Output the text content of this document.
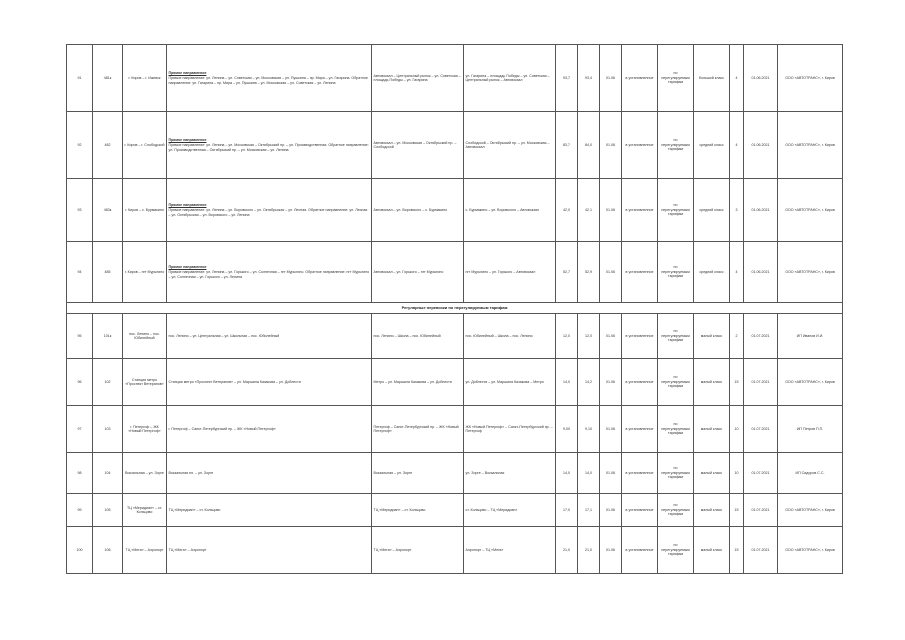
91	481к	г. Киров – г. Ижевск	Прямое направление
Прямое направление: ул. Ленина – ул. Советская – ул. Московская – ул. Пушкина – пр. Мира – ул. Гагарина. Обратное направление: ул. Гагарина – пр. Мира – ул. Пушкина – ул. Московская – ул. Советская – ул. Ленина	Автовокзал – Центральный рынок – ул. Советская – площадь Победы – ул. Гагарина	ул. Гагарина – площадь Победы – ул. Советская – Центральный рынок – Автовокзал	93,7	93,4	01.06	в установленное	по нерегулируемым тарифам	большой класс	4	01.06.2021	ООО «АВТОТРАНС», г. Киров
92	482	г. Киров – г. Слободской	Прямое направление
Прямое направление: ул. Ленина – ул. Московская – Октябрьский пр. – ул. Производственная. Обратное направление: ул. Производственная – Октябрьский пр. – ул. Московская – ул. Ленина	Автовокзал – ул. Московская – Октябрьский пр. – Слободской	Слободской – Октябрьский пр. – ул. Московская – Автовокзал	83,7	84,0	01.06	в установленное	по нерегулируемым тарифам	средний класс	4	01.06.2021	ООО «АВТОТРАНС», г. Киров
93	483к	г. Киров – с. Бурмакино	Прямое направление
Прямое направление: ул. Ленина – ул. Воровского – ул. Октябрьская – ул. Лесная. Обратное направление: ул. Лесная – ул. Октябрьская – ул. Воровского – ул. Ленина	Автовокзал – ул. Воровского – с. Бурмакино	с. Бурмакино – ул. Воровского – Автовокзал	42,0	42,1	01.06	в установленное	по нерегулируемым тарифам	средний класс	3	01.06.2021	ООО «АВТОТРАНС», г. Киров
94	485	г. Киров – пгт Мурыгино	Прямое направление
Прямое направление: ул. Ленина – ул. Горького – ул. Солнечная – пгт Мурыгино. Обратное направление: пгт Мурыгино – ул. Солнечная – ул. Горького – ул. Ленина	Автовокзал – ул. Горького – пгт Мурыгино	пгт Мурыгино – ул. Горького – Автовокзал	52,7	52,9	01.06	в установленное	по нерегулируемым тарифам	средний класс	4	01.06.2021	ООО «АВТОТРАНС», г. Киров
Регулярные перевозки по нерегулируемым тарифам														
95	101к	пос. Ленино – пос. Юбилейный	пос. Ленино – ул. Центральная – ул. Школьная – пос. Юбилейный	пос. Ленино – Школа – пос. Юбилейный	пос. Юбилейный – Школа – пос. Ленино	12,0	12,0	01.06	в установленное	по нерегулируемым тарифам	малый класс	2	01.07.2021	ИП Иванов И.И.
96	102	Станция метро «Проспект Ветеранов»	Станция метро «Проспект Ветеранов» – ул. Маршала Казакова – ул. Доблести	Метро – ул. Маршала Казакова – ул. Доблести	ул. Доблести – ул. Маршала Казакова – Метро	14,0	14,2	01.06	в установленное	по нерегулируемым тарифам	малый класс	15	01.07.2021	ООО «АВТОТРАНС», г. Киров
97	103	г. Петергоф – ЖК «Новый Петергоф»	г. Петергоф – Санкт-Петербургский пр. – ЖК «Новый Петергоф»	Петергоф – Санкт-Петербургский пр. – ЖК «Новый Петергоф»	ЖК «Новый Петергоф» – Санкт-Петербургский пр. – Петергоф	9,00	9,10	01.06	в установленное	по нерегулируемым тарифам	малый класс	10	01.07.2021	ИП Петров П.П.
98	104	Вокзальная – ул. Зорге	Вокзальная пл. – ул. Зорге	Вокзальная – ул. Зорге	ул. Зорге – Вокзальная	14,0	14,0	01.06	в установленное	по нерегулируемым тарифам	малый класс	10	01.07.2021	ИП Сидоров С.С.
99	105	ТЦ «Меридиан» – ст. Кольцово	ТЦ «Меридиан» – ст. Кольцово	ТЦ «Меридиан» – ст. Кольцово	ст. Кольцово – ТЦ «Меридиан»	17,0	17,1	01.06	в установленное	по нерегулируемым тарифам	малый класс	15	01.07.2021	ООО «АВТОТРАНС», г. Киров
100	106	ТЦ «Мега» – Аэропорт	ТЦ «Мега» – Аэропорт	ТЦ «Мега» – Аэропорт	Аэропорт – ТЦ «Мега»	21,0	21,0	01.06	в установленное	по нерегулируемым тарифам	малый класс	15	01.07.2021	ООО «АВТОТРАНС», г. Киров
